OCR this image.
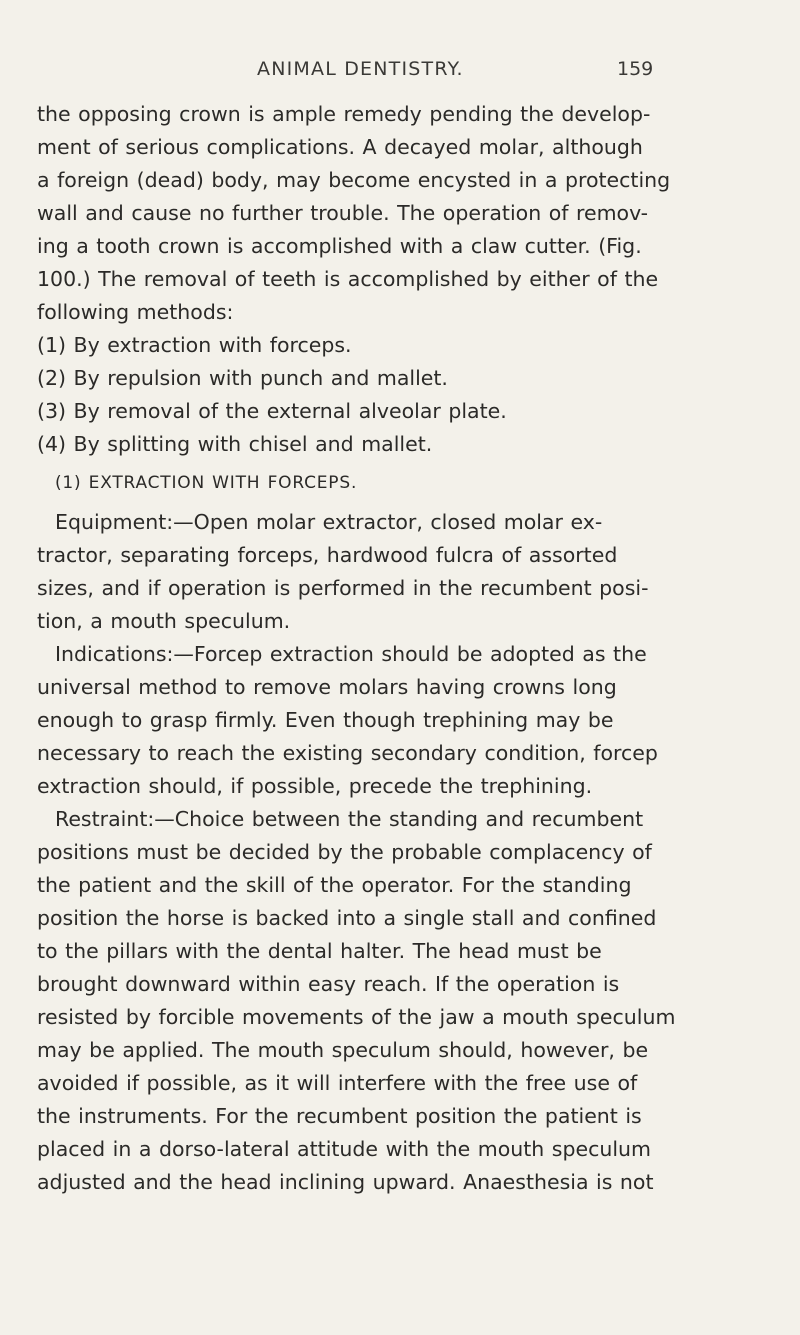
ANIMAL DENTISTRY.	159
the opposing crown is ample remedy pending the develop-
ment of serious complications. A decayed molar, although
a foreign (dead) body, may become encysted in a protecting
wall and cause no further trouble. The operation of remov-
ing a tooth crown is accomplished with a claw cutter. (Fig.
100.) The removal of teeth is accomplished by either of the
following methods:
(1) By extraction with forceps.
(2) By repulsion with punch and mallet.
(3) By removal of the external alveolar plate.
(4) By splitting with chisel and mallet.
(1) EXTRACTION WITH FORCEPS.
Equipment:—Open molar extractor, closed molar ex-
tractor, separating forceps, hardwood fulcra of assorted
sizes, and if operation is performed in the recumbent posi-
tion, a mouth speculum.
Indications:—Forcep extraction should be adopted as the
universal method to remove molars having crowns long
enough to grasp firmly. Even though trephining may be
necessary to reach the existing secondary condition, forcep
extraction should, if possible, precede the trephining.
Restraint:—Choice between the standing and recumbent
positions must be decided by the probable complacency of
the patient and the skill of the operator. For the standing
position the horse is backed into a single stall and confined
to the pillars with the dental halter. The head must be
brought downward within easy reach. If the operation is
resisted by forcible movements of the jaw a mouth speculum
may be applied. The mouth speculum should, however, be
avoided if possible, as it will interfere with the free use of
the instruments. For the recumbent position the patient is
placed in a dorso-lateral attitude with the mouth speculum
adjusted and the head inclining upward. Anaesthesia is not
